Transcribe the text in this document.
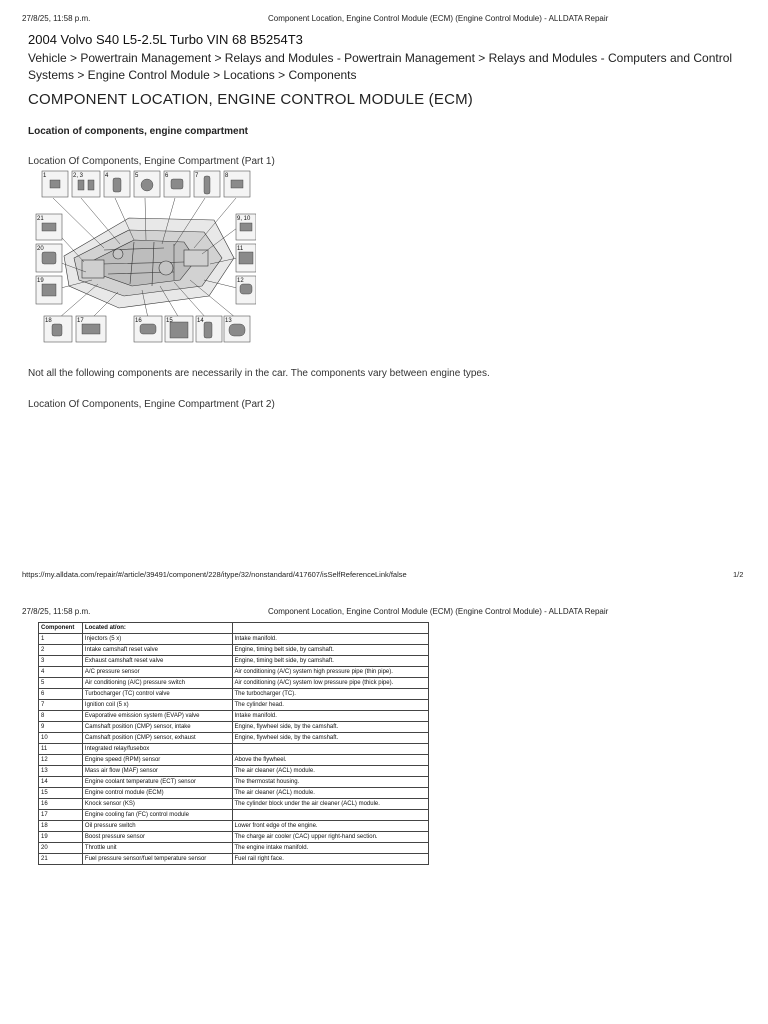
27/8/25, 11:58 p.m.	Component Location, Engine Control Module (ECM) (Engine Control Module) - ALLDATA Repair
2004 Volvo S40 L5-2.5L Turbo VIN 68 B5254T3
Vehicle > Powertrain Management > Relays and Modules - Powertrain Management > Relays and Modules - Computers and Control
Systems > Engine Control Module > Locations > Components
COMPONENT LOCATION, ENGINE CONTROL MODULE (ECM)
Location of components, engine compartment
Location Of Components, Engine Compartment (Part 1)
1	2, 3	4	5	6	7	8
21
20
19
9, 10
11
12
18	17	16	15	14	13
Not all the following components are necessarily in the car. The components vary between engine types.
Location Of Components, Engine Compartment (Part 2)
https://my.alldata.com/repair/#/article/39491/component/228/itype/32/nonstandard/417607/isSelfReferenceLink/false	1/2
27/8/25, 11:58 p.m.	Component Location, Engine Control Module (ECM) (Engine Control Module) - ALLDATA Repair
Component	Located at/on:	
1	Injectors (5 x)	Intake manifold.
2	Intake camshaft reset valve	Engine, timing belt side, by camshaft.
3	Exhaust camshaft reset valve	Engine, timing belt side, by camshaft.
4	A/C pressure sensor	Air conditioning (A/C) system high pressure pipe (thin pipe).
5	Air conditioning (A/C) pressure switch	Air conditioning (A/C) system low pressure pipe (thick pipe).
6	Turbocharger (TC) control valve	The turbocharger (TC).
7	Ignition coil (5 x)	The cylinder head.
8	Evaporative emission system (EVAP) valve	Intake manifold.
9	Camshaft position (CMP) sensor, intake	Engine, flywheel side, by the camshaft.
10	Camshaft position (CMP) sensor, exhaust	Engine, flywheel side, by the camshaft.
11	Integrated relay/fusebox	
12	Engine speed (RPM) sensor	Above the flywheel.
13	Mass air flow (MAF) sensor	The air cleaner (ACL) module.
14	Engine coolant temperature (ECT) sensor	The thermostat housing.
15	Engine control module (ECM)	The air cleaner (ACL) module.
16	Knock sensor (KS)	The cylinder block under the air cleaner (ACL) module.
17	Engine cooling fan (FC) control module	
18	Oil pressure switch	Lower front edge of the engine.
19	Boost pressure sensor	The charge air cooler (CAC) upper right-hand section.
20	Throttle unit	The engine intake manifold.
21	Fuel pressure sensor/fuel temperature sensor	Fuel rail right face.
